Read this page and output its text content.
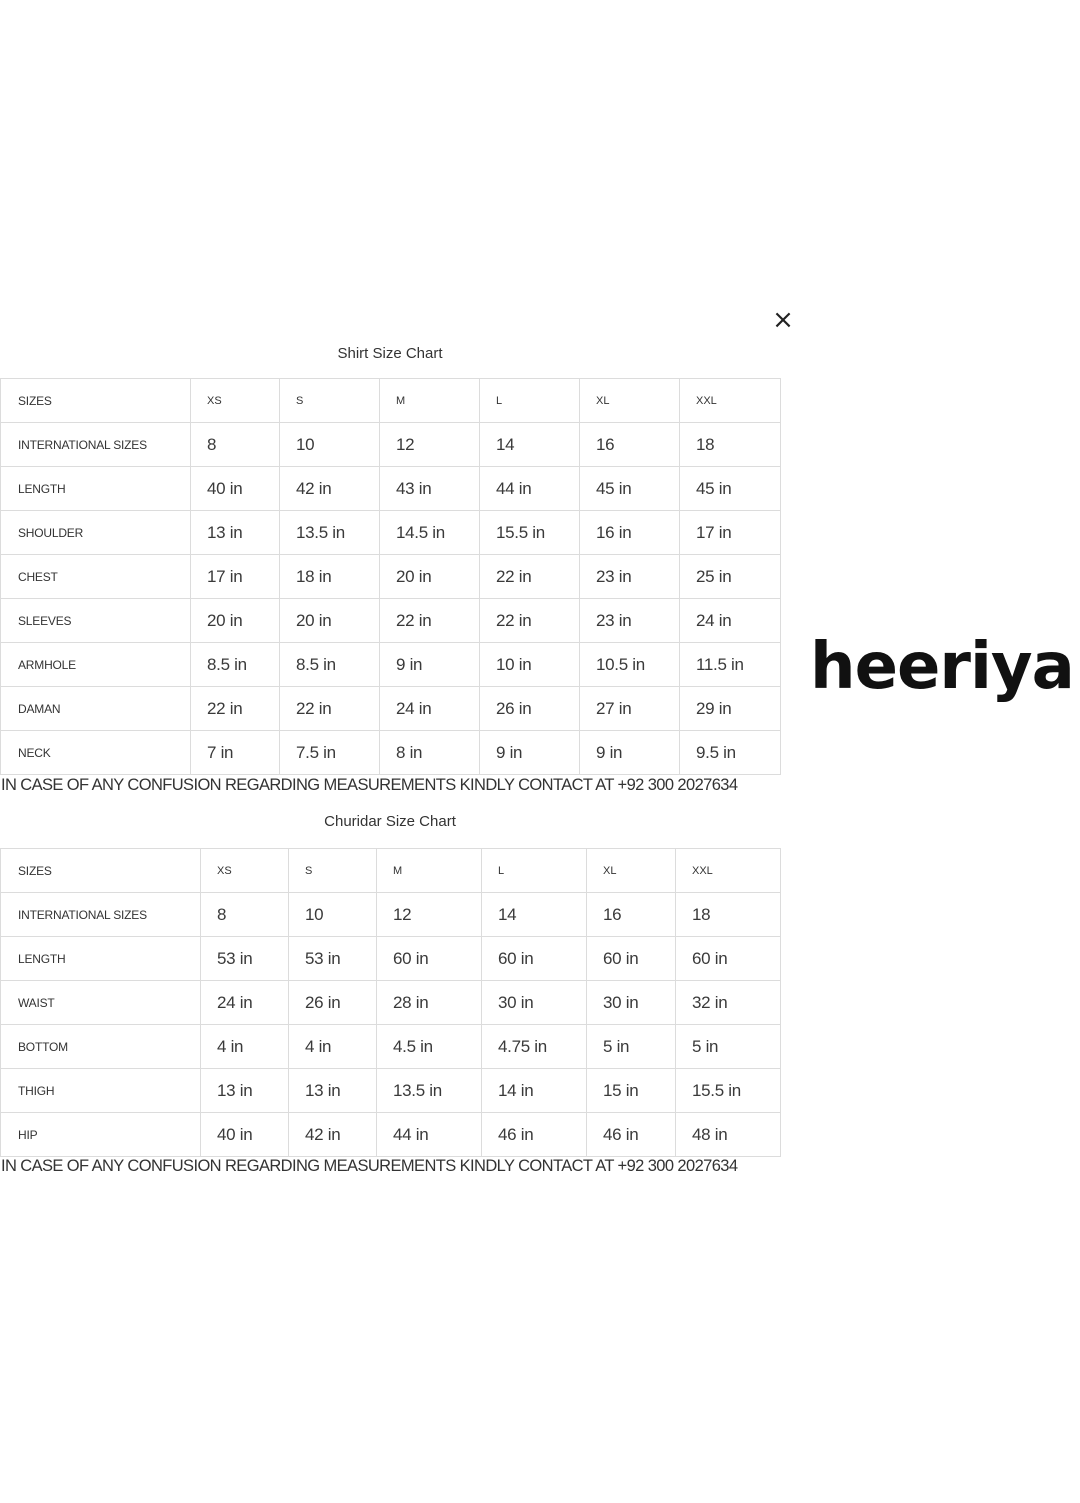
×
Shirt Size Chart
SIZES	XS	S	M	L	XL	XXL
INTERNATIONAL SIZES	8	10	12	14	16	18
LENGTH	40 in	42 in	43 in	44 in	45 in	45 in
SHOULDER	13 in	13.5 in	14.5 in	15.5 in	16 in	17 in
CHEST	17 in	18 in	20 in	22 in	23 in	25 in
SLEEVES	20 in	20 in	22 in	22 in	23 in	24 in
ARMHOLE	8.5 in	8.5 in	9 in	10 in	10.5 in	11.5 in
DAMAN	22 in	22 in	24 in	26 in	27 in	29 in
NECK	7 in	7.5 in	8 in	9 in	9 in	9.5 in
IN CASE OF ANY CONFUSION REGARDING MEASUREMENTS KINDLY CONTACT AT +92 300 2027634
Churidar Size Chart
SIZES	XS	S	M	L	XL	XXL
INTERNATIONAL SIZES	8	10	12	14	16	18
LENGTH	53 in	53 in	60 in	60 in	60 in	60 in
WAIST	24 in	26 in	28 in	30 in	30 in	32 in
BOTTOM	4 in	4 in	4.5 in	4.75 in	5 in	5 in
THIGH	13 in	13 in	13.5 in	14 in	15 in	15.5 in
HIP	40 in	42 in	44 in	46 in	46 in	48 in
IN CASE OF ANY CONFUSION REGARDING MEASUREMENTS KINDLY CONTACT AT +92 300 2027634
heeriya
